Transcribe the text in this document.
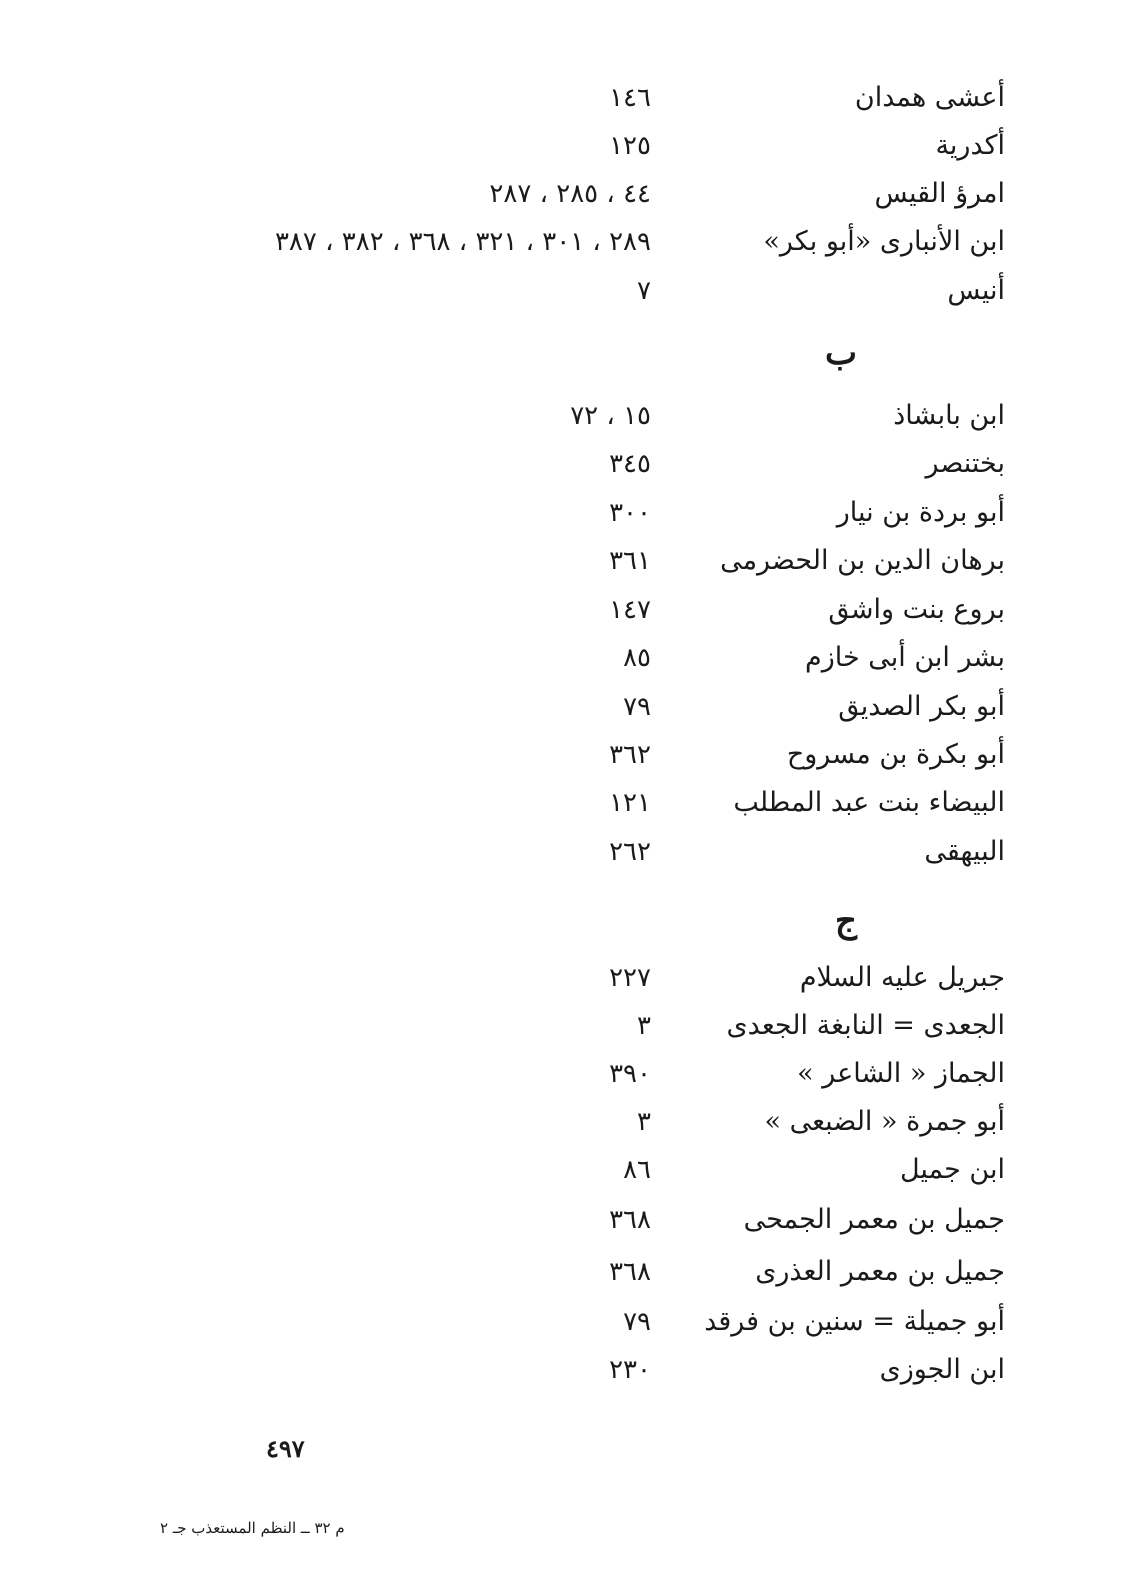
أعشى همدان
١٤٦
أكدرية
١٢٥
امرؤ القيس
٤٤ ، ٢٨٥ ، ٢٨٧
ابن الأنبارى «أبو بكر»
٢٨٩ ، ٣٠١ ، ٣٢١ ، ٣٦٨ ، ٣٨٢ ، ٣٨٧
أنيس
٧
ب
ابن بابشاذ
١٥ ، ٧٢
بختنصر
٣٤٥
أبو بردة بن نيار
٣٠٠
برهان الدين بن الحضرمى
٣٦١
بروع بنت واشق
١٤٧
بشر ابن أبى خازم
٨٥
أبو بكر الصديق
٧٩
أبو بكرة بن مسروح
٣٦٢
البيضاء بنت عبد المطلب
١٢١
البيهقى
٢٦٢
ج
جبريل عليه السلام
٢٢٧
الجعدى = النابغة الجعدى
٣
الجماز « الشاعر »
٣٩٠
أبو جمرة « الضبعى »
٣
ابن جميل
٨٦
جميل بن معمر الجمحى
٣٦٨
جميل بن معمر العذرى
٣٦٨
أبو جميلة = سنين بن فرقد
٧٩
ابن الجوزى
٢٣٠
٤٩٧
م ٣٢ ــ النظم المستعذب جـ ٢
